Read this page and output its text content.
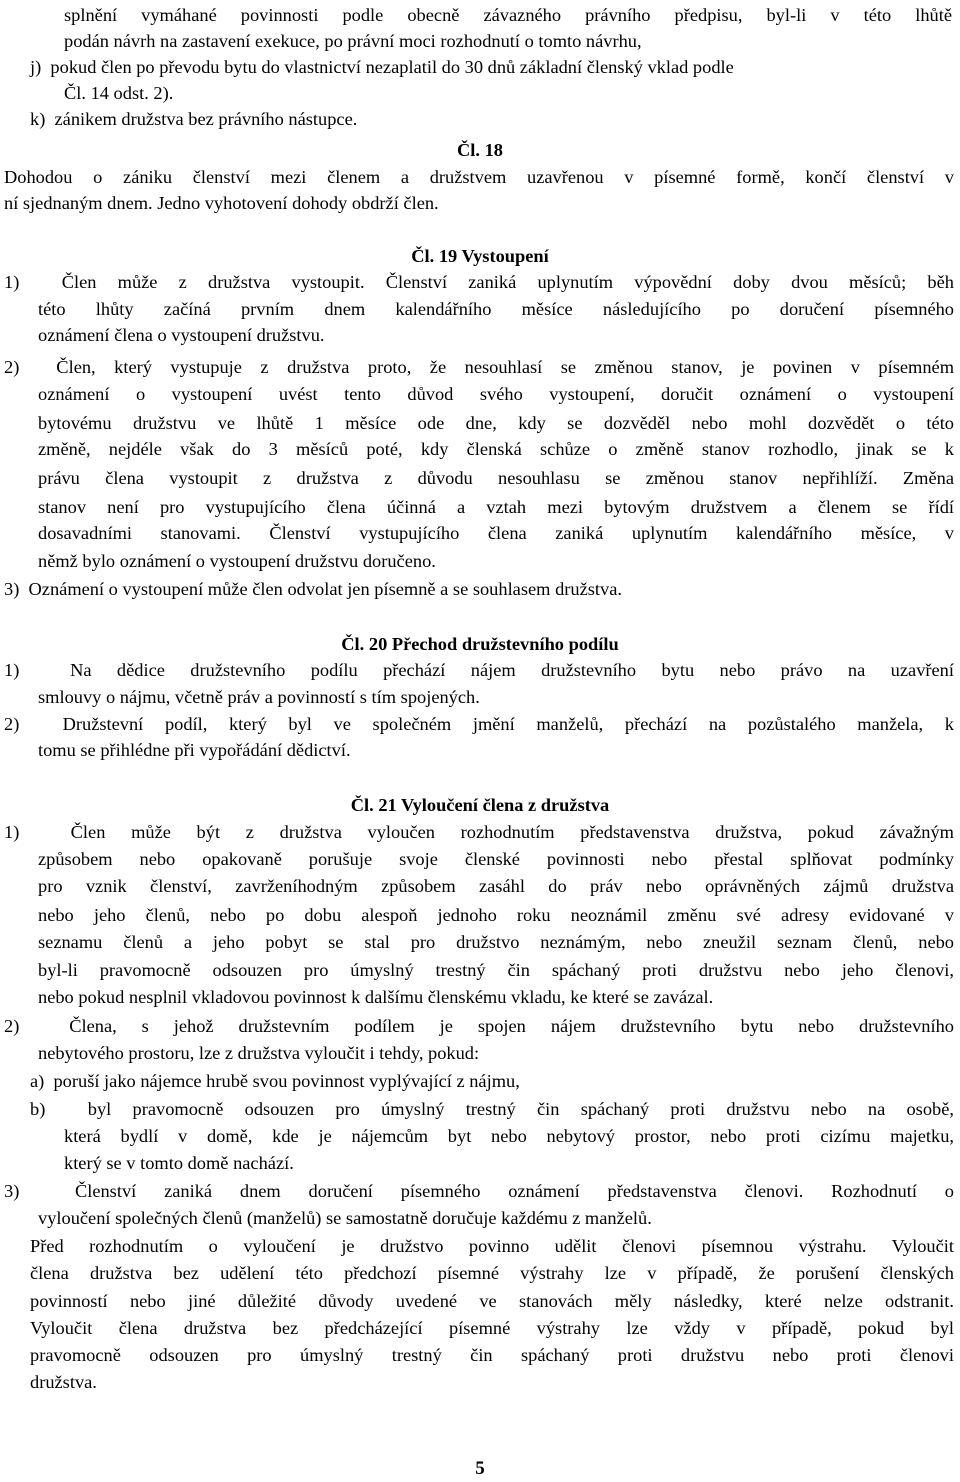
splnění vymáhané povinnosti podle obecně závazného právního předpisu, byl-li v této lhůtě
podán návrh na zastavení exekuce, po právní moci rozhodnutí o tomto návrhu,
j)  pokud člen po převodu bytu do vlastnictví nezaplatil do 30 dnů základní členský vklad podle
Čl. 14 odst. 2).
k)  zánikem družstva bez právního nástupce.
Čl. 18
Dohodou o zániku členství mezi členem a družstvem uzavřenou v písemné formě, končí členství v
ní sjednaným dnem. Jedno vyhotovení dohody obdrží člen.
Čl. 19 Vystoupení
1)  Člen může z družstva vystoupit. Členství zaniká uplynutím výpovědní doby dvou měsíců; běh
této lhůty začíná prvním dnem kalendářního měsíce následujícího po doručení písemného
oznámení člena o vystoupení družstvu.
2)  Člen, který vystupuje z družstva proto, že nesouhlasí se změnou stanov, je povinen v písemném
oznámení o vystoupení uvést tento důvod svého vystoupení, doručit oznámení o vystoupení
bytovému družstvu ve lhůtě 1 měsíce ode dne, kdy se dozvěděl nebo mohl dozvědět o této
změně, nejdéle však do 3 měsíců poté, kdy členská schůze o změně stanov rozhodlo, jinak se k
právu člena vystoupit z družstva z důvodu nesouhlasu se změnou stanov nepřihlíží. Změna
stanov není pro vystupujícího člena účinná a vztah mezi bytovým družstvem a členem se řídí
dosavadními stanovami. Členství vystupujícího člena zaniká uplynutím kalendářního měsíce, v
němž bylo oznámení o vystoupení družstvu doručeno.
3)  Oznámení o vystoupení může člen odvolat jen písemně a se souhlasem družstva.
Čl. 20 Přechod družstevního podílu
1)  Na dědice družstevního podílu přechází nájem družstevního bytu nebo právo na uzavření
smlouvy o nájmu, včetně práv a povinností s tím spojených.
2)  Družstevní podíl, který byl ve společném jmění manželů, přechází na pozůstalého manžela, k
tomu se přihlédne při vypořádání dědictví.
Čl. 21 Vyloučení člena z družstva
1)  Člen může být z družstva vyloučen rozhodnutím představenstva družstva, pokud závažným
způsobem nebo opakovaně porušuje svoje členské povinnosti nebo přestal splňovat podmínky
pro vznik členství, zavrženíhodným způsobem zasáhl do práv nebo oprávněných zájmů družstva
nebo jeho členů, nebo po dobu alespoň jednoho roku neoznámil změnu své adresy evidované v
seznamu členů a jeho pobyt se stal pro družstvo neznámým, nebo zneužil seznam členů, nebo
byl-li pravomocně odsouzen pro úmyslný trestný čin spáchaný proti družstvu nebo jeho členovi,
nebo pokud nesplnil vkladovou povinnost k dalšímu členskému vkladu, ke které se zavázal.
2)  Člena, s jehož družstevním podílem je spojen nájem družstevního bytu nebo družstevního
nebytového prostoru, lze z družstva vyloučit i tehdy, pokud:
a)  poruší jako nájemce hrubě svou povinnost vyplývající z nájmu,
b)  byl pravomocně odsouzen pro úmyslný trestný čin spáchaný proti družstvu nebo na osobě,
která bydlí v domě, kde je nájemcům byt nebo nebytový prostor, nebo proti cizímu majetku,
který se v tomto domě nachází.
3)  Členství zaniká dnem doručení písemného oznámení představenstva členovi. Rozhodnutí o
vyloučení společných členů (manželů) se samostatně doručuje každému z manželů.
Před rozhodnutím o vyloučení je družstvo povinno udělit členovi písemnou výstrahu. Vyloučit
člena družstva bez udělení této předchozí písemné výstrahy lze v případě, že porušení členských
povinností nebo jiné důležité důvody uvedené ve stanovách měly následky, které nelze odstranit.
Vyloučit člena družstva bez předcházející písemné výstrahy lze vždy v případě, pokud byl
pravomocně odsouzen pro úmyslný trestný čin spáchaný proti družstvu nebo proti členovi
družstva.
5
